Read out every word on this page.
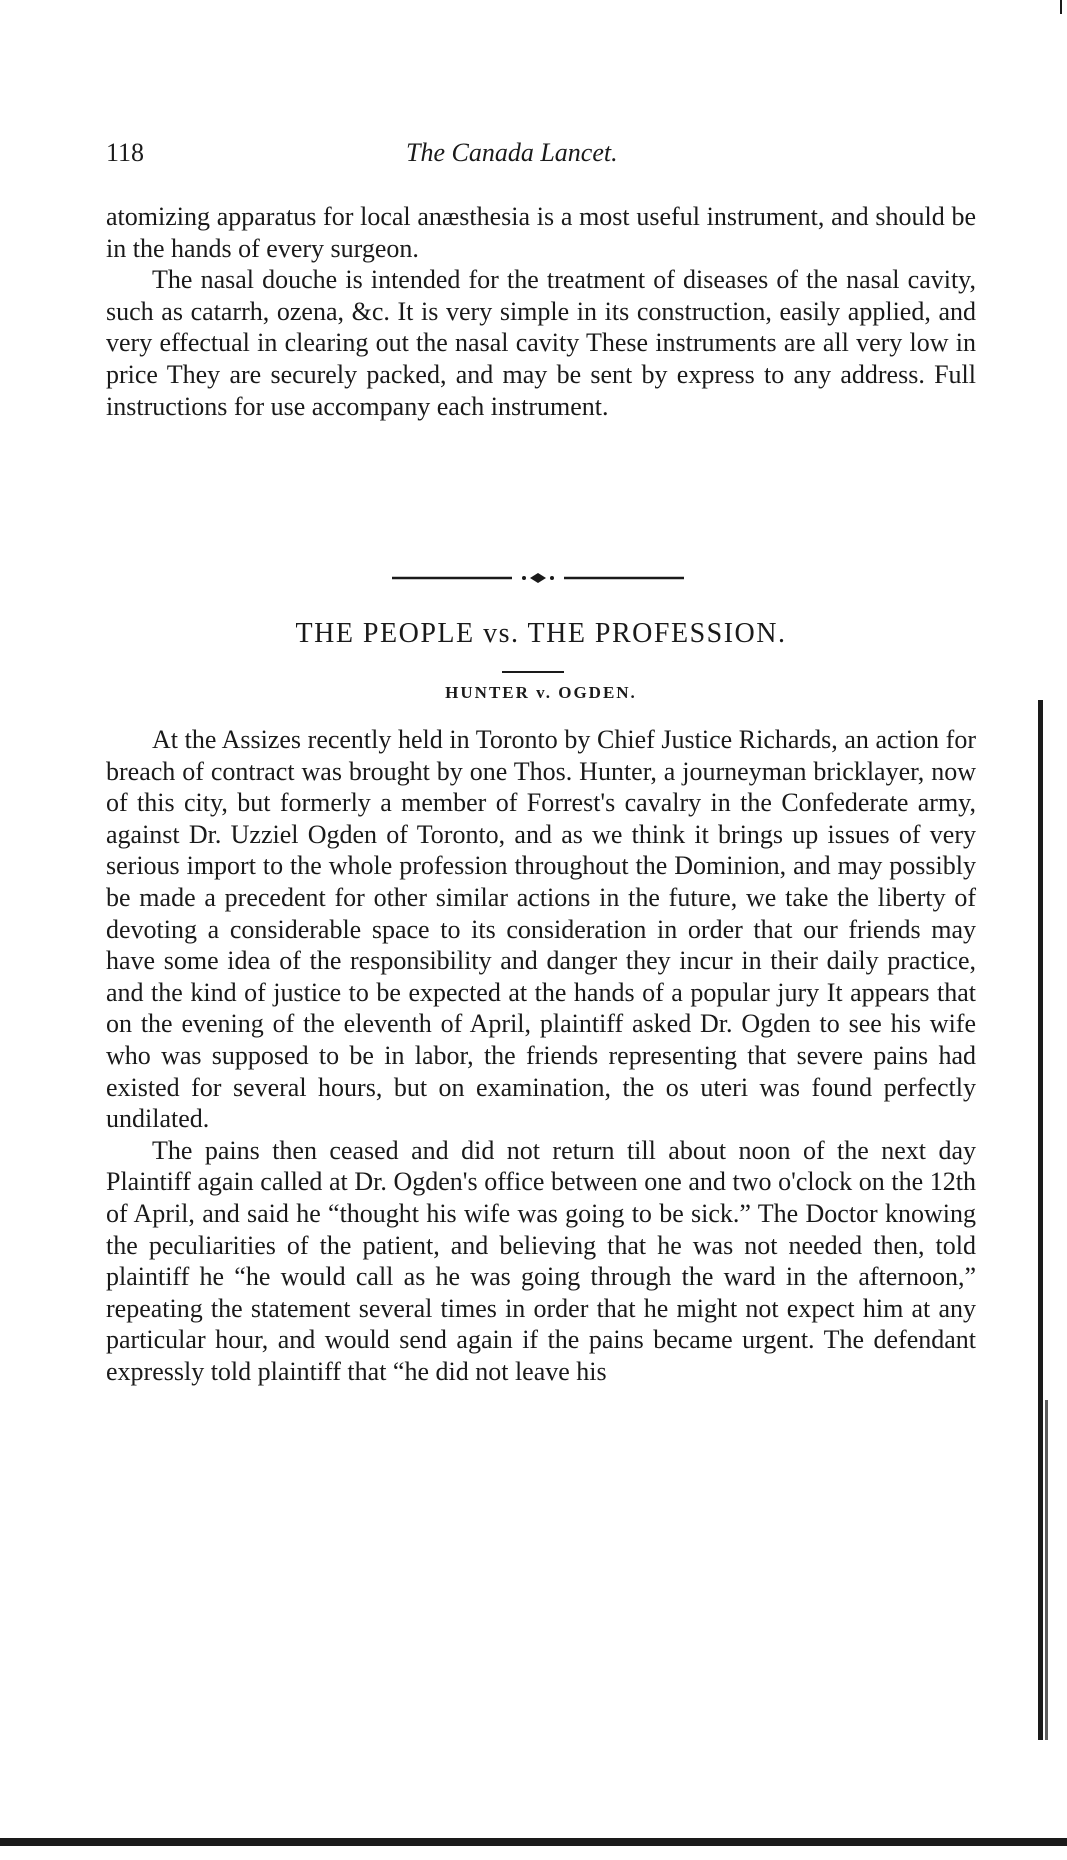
118	The Canada Lancet.

atomizing apparatus for local anæsthesia is a most useful instrument, and should be in the hands of every surgeon.

The nasal douche is intended for the treatment of diseases of the nasal cavity, such as catarrh, ozena, &c. It is very simple in its construction, easily applied, and very effectual in clearing out the nasal cavity These instruments are all very low in price They are securely packed, and may be sent by express to any address. Full instructions for use accompany each instrument.

THE PEOPLE vs. THE PROFESSION.
HUNTER v. OGDEN.

At the Assizes recently held in Toronto by Chief Justice Richards, an action for breach of contract was brought by one Thos. Hunter, a journeyman bricklayer, now of this city, but formerly a member of Forrest's cavalry in the Confederate army, against Dr. Uzziel Ogden of Toronto, and as we think it brings up issues of very serious import to the whole profession throughout the Dominion, and may possibly be made a precedent for other similar actions in the future, we take the liberty of devoting a considerable space to its consideration in order that our friends may have some idea of the responsibility and danger they incur in their daily practice, and the kind of justice to be expected at the hands of a popular jury It appears that on the evening of the eleventh of April, plaintiff asked Dr. Ogden to see his wife who was supposed to be in labor, the friends representing that severe pains had existed for several hours, but on examination, the os uteri was found perfectly undilated.

The pains then ceased and did not return till about noon of the next day Plaintiff again called at Dr. Ogden's office between one and two o'clock on the 12th of April, and said he “thought his wife was going to be sick.” The Doctor knowing the peculiarities of the patient, and believing that he was not needed then, told plaintiff he “he would call as he was going through the ward in the afternoon,” repeating the statement several times in order that he might not expect him at any particular hour, and would send again if the pains became urgent. The defendant expressly told plaintiff that “he did not leave his
